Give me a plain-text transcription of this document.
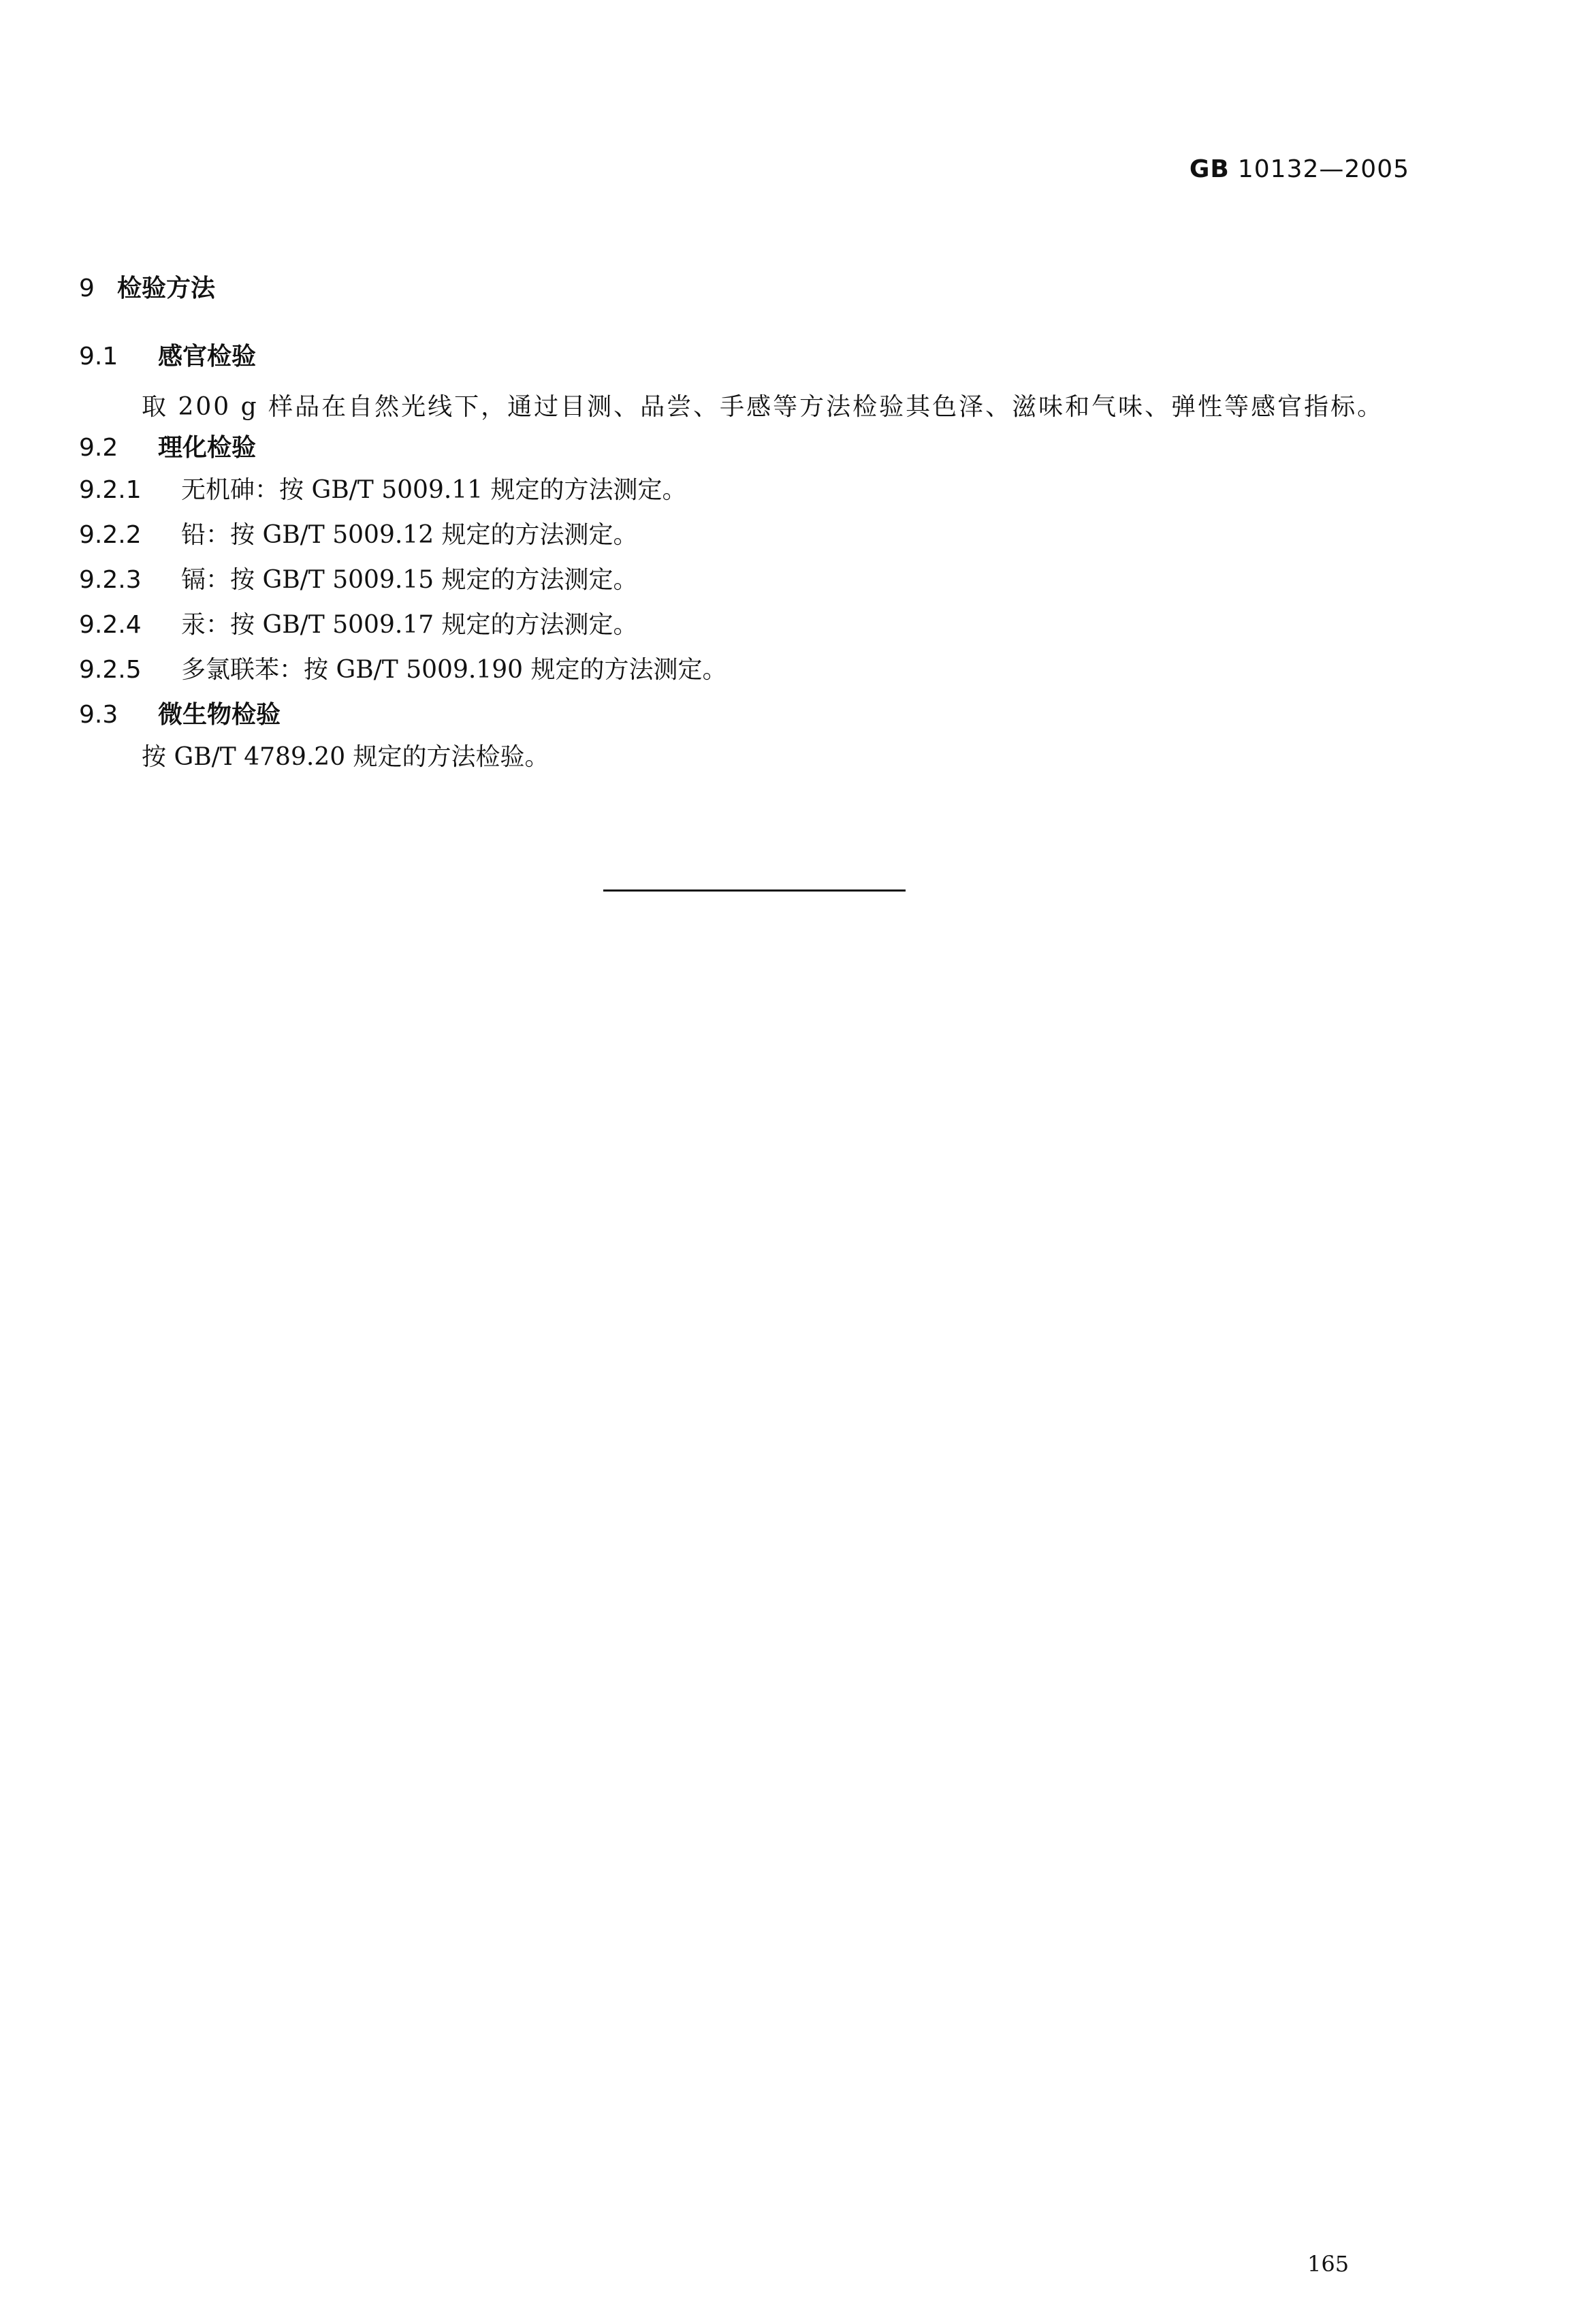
GB 10132—2005
9 检验方法
9.1 感官检验

取 200 g 样品在自然光线下，通过目测、品尝、手感等方法检验其色泽、滋味和气味、弹性等感官指标。

9.2 理化检验
9.2.1 无机砷：按 GB/T 5009.11 规定的方法测定。
9.2.2 铅：按 GB/T 5009.12 规定的方法测定。
9.2.3 镉：按 GB/T 5009.15 规定的方法测定。
9.2.4 汞：按 GB/T 5009.17 规定的方法测定。
9.2.5 多氯联苯：按 GB/T 5009.190 规定的方法测定。
9.3 微生物检验
按 GB/T 4789.20 规定的方法检验。
165
